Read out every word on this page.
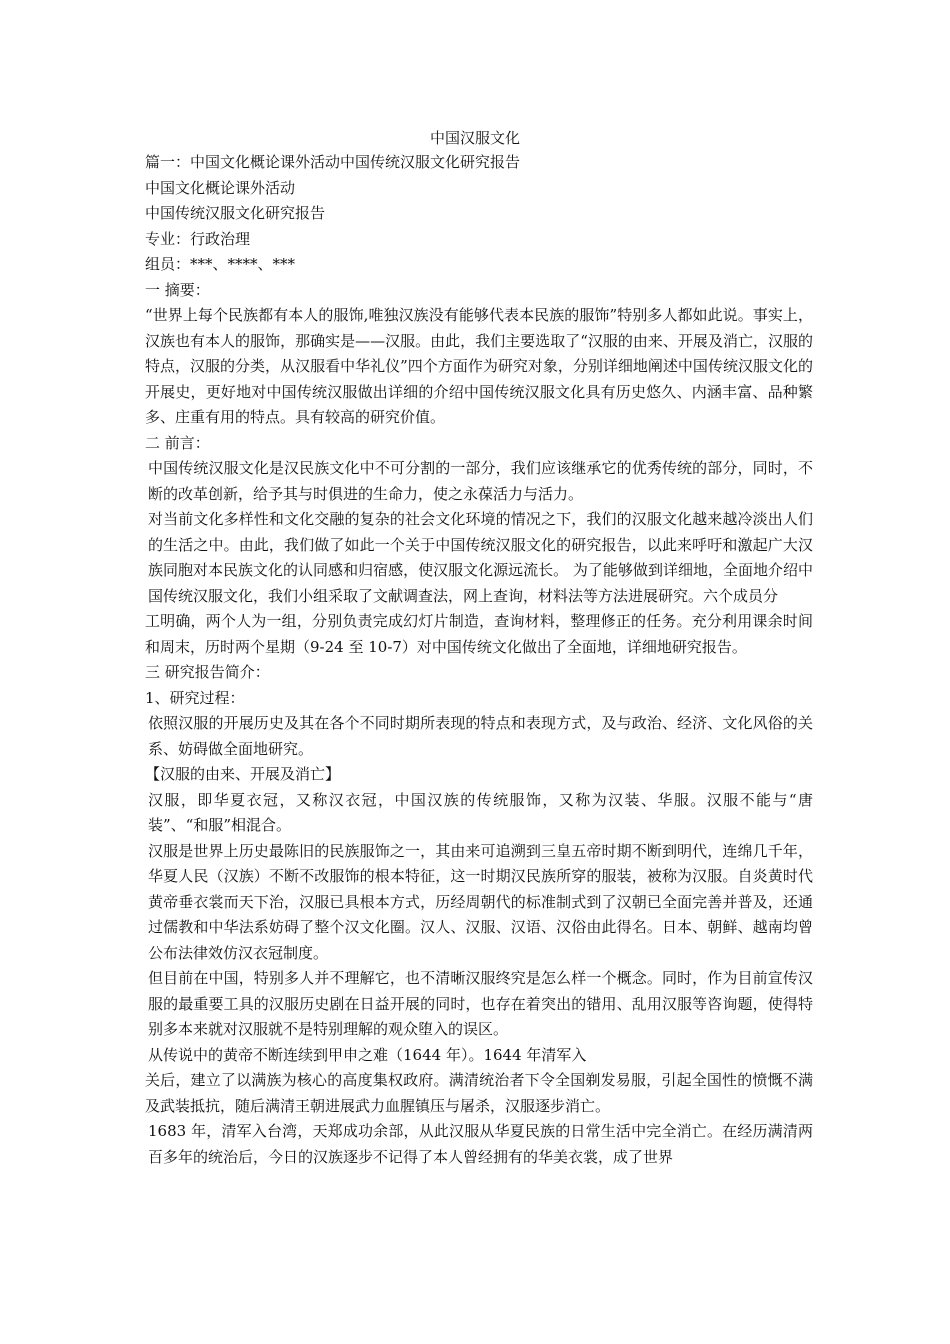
中国汉服文化

篇一：中国文化概论课外活动中国传统汉服文化研究报告

中国文化概论课外活动

中国传统汉服文化研究报告

专业：行政治理

组员：***、****、***

一 摘要：

“世界上每个民族都有本人的服饰,唯独汉族没有能够代表本民族的服饰”特别多人都如此说。事实上，汉族也有本人的服饰，那确实是——汉服。由此，我们主要选取了“汉服的由来、开展及消亡，汉服的特点，汉服的分类，从汉服看中华礼仪”四个方面作为研究对象，分别详细地阐述中国传统汉服文化的开展史，更好地对中国传统汉服做出详细的介绍中国传统汉服文化具有历史悠久、内涵丰富、品种繁多、庄重有用的特点。具有较高的研究价值。

二 前言：

中国传统汉服文化是汉民族文化中不可分割的一部分，我们应该继承它的优秀传统的部分，同时，不断的改革创新，给予其与时俱进的生命力，使之永葆活力与活力。

对当前文化多样性和文化交融的复杂的社会文化环境的情况之下，我们的汉服文化越来越冷淡出人们的生活之中。由此，我们做了如此一个关于中国传统汉服文化的研究报告，以此来呼吁和激起广大汉族同胞对本民族文化的认同感和归宿感，使汉服文化源远流长。 为了能够做到详细地，全面地介绍中国传统汉服文化，我们小组采取了文献调查法，网上查询，材料法等方法进展研究。六个成员分

工明确，两个人为一组，分别负责完成幻灯片制造，查询材料，整理修正的任务。充分利用课余时间和周末，历时两个星期（9-24 至 10-7）对中国传统文化做出了全面地，详细地研究报告。

三 研究报告简介：

1、研究过程：

依照汉服的开展历史及其在各个不同时期所表现的特点和表现方式，及与政治、经济、文化风俗的关系、妨碍做全面地研究。

【汉服的由来、开展及消亡】

汉服，即华夏衣冠，又称汉衣冠，中国汉族的传统服饰，又称为汉装、华服。汉服不能与“唐装”、“和服”相混合。

汉服是世界上历史最陈旧的民族服饰之一，其由来可追溯到三皇五帝时期不断到明代，连绵几千年，华夏人民（汉族）不断不改服饰的根本特征，这一时期汉民族所穿的服装，被称为汉服。自炎黄时代黄帝垂衣裳而天下治，汉服已具根本方式，历经周朝代的标准制式到了汉朝已全面完善并普及，还通过儒教和中华法系妨碍了整个汉文化圈。汉人、汉服、汉语、汉俗由此得名。日本、朝鲜、越南均曾公布法律效仿汉衣冠制度。

但目前在中国，特别多人并不理解它，也不清晰汉服终究是怎么样一个概念。同时，作为目前宣传汉服的最重要工具的汉服历史剧在日益开展的同时，也存在着突出的错用、乱用汉服等咨询题，使得特别多本来就对汉服就不是特别理解的观众堕入的误区。

从传说中的黄帝不断连续到甲申之难（1644 年）。1644 年清军入

关后，建立了以满族为核心的高度集权政府。满清统治者下令全国剃发易服，引起全国性的愤慨不满及武装抵抗，随后满清王朝进展武力血腥镇压与屠杀，汉服逐步消亡。

1683 年，清军入台湾，天郑成功余部，从此汉服从华夏民族的日常生活中完全消亡。在经历满清两百多年的统治后，今日的汉族逐步不记得了本人曾经拥有的华美衣裳，成了世界
